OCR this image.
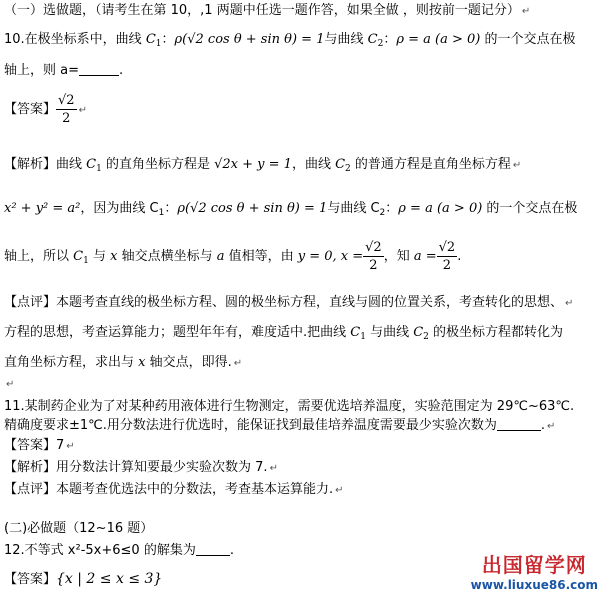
（一）选做题，（请考生在第 10，,1 两题中任选一题作答，如果全做 ，则按前一题记分） ↵
10.在极坐标系中，曲线 $C_1$：ρ(√2 cos θ + sin θ) = 1与曲线 $C_2$：ρ = a (a > 0) 的一个交点在极
轴上，则 a=	.
【答案】 $\frac{√2}{2}$ ↵
【解析】曲线 $C_1$ 的直角坐标方程是 √2x + y = 1，曲线 $C_2$ 的普通方程是直角坐标方程 ↵
x² + y² = a²，因为曲线 $C_1$：ρ(√2 cos θ + sin θ) = 1与曲线 $C_2$：ρ = a (a > 0) 的一个交点在极
轴上，所以 $C_1$ 与 x 轴交点横坐标与 a 值相等，由 y = 0, $x = \frac{√2}{2}$ ，知 $a = \frac{√2}{2}$ .
【点评】本题考查直线的极坐标方程、圆的极坐标方程，直线与圆的位置关系，考查转化的思想、 ↵
方程的思想，考查运算能力；题型年年有，难度适中.把曲线 $C_1$ 与曲线 $C_2$ 的极坐标方程都转化为
直角坐标方程，求出与 x 轴交点，即得. ↵
↵
11.某制药企业为了对某种药用液体进行生物测定，需要优选培养温度，实验范围定为 29℃~63℃.
精确度要求±1℃.用分数法进行优选时，能保证找到最佳培养温度需要最少实验次数为	. ↵
【答案】7 ↵
【解析】用分数法计算知要最少实验次数为 7. ↵
【点评】本题考查优选法中的分数法，考查基本运算能力. ↵
(二)必做题（12~16 题）
12.不等式 x²-5x+6≤0 的解集为	.
【答案】{x | 2 ≤ x ≤ 3}
出国留学网
www.liuxue86.com
